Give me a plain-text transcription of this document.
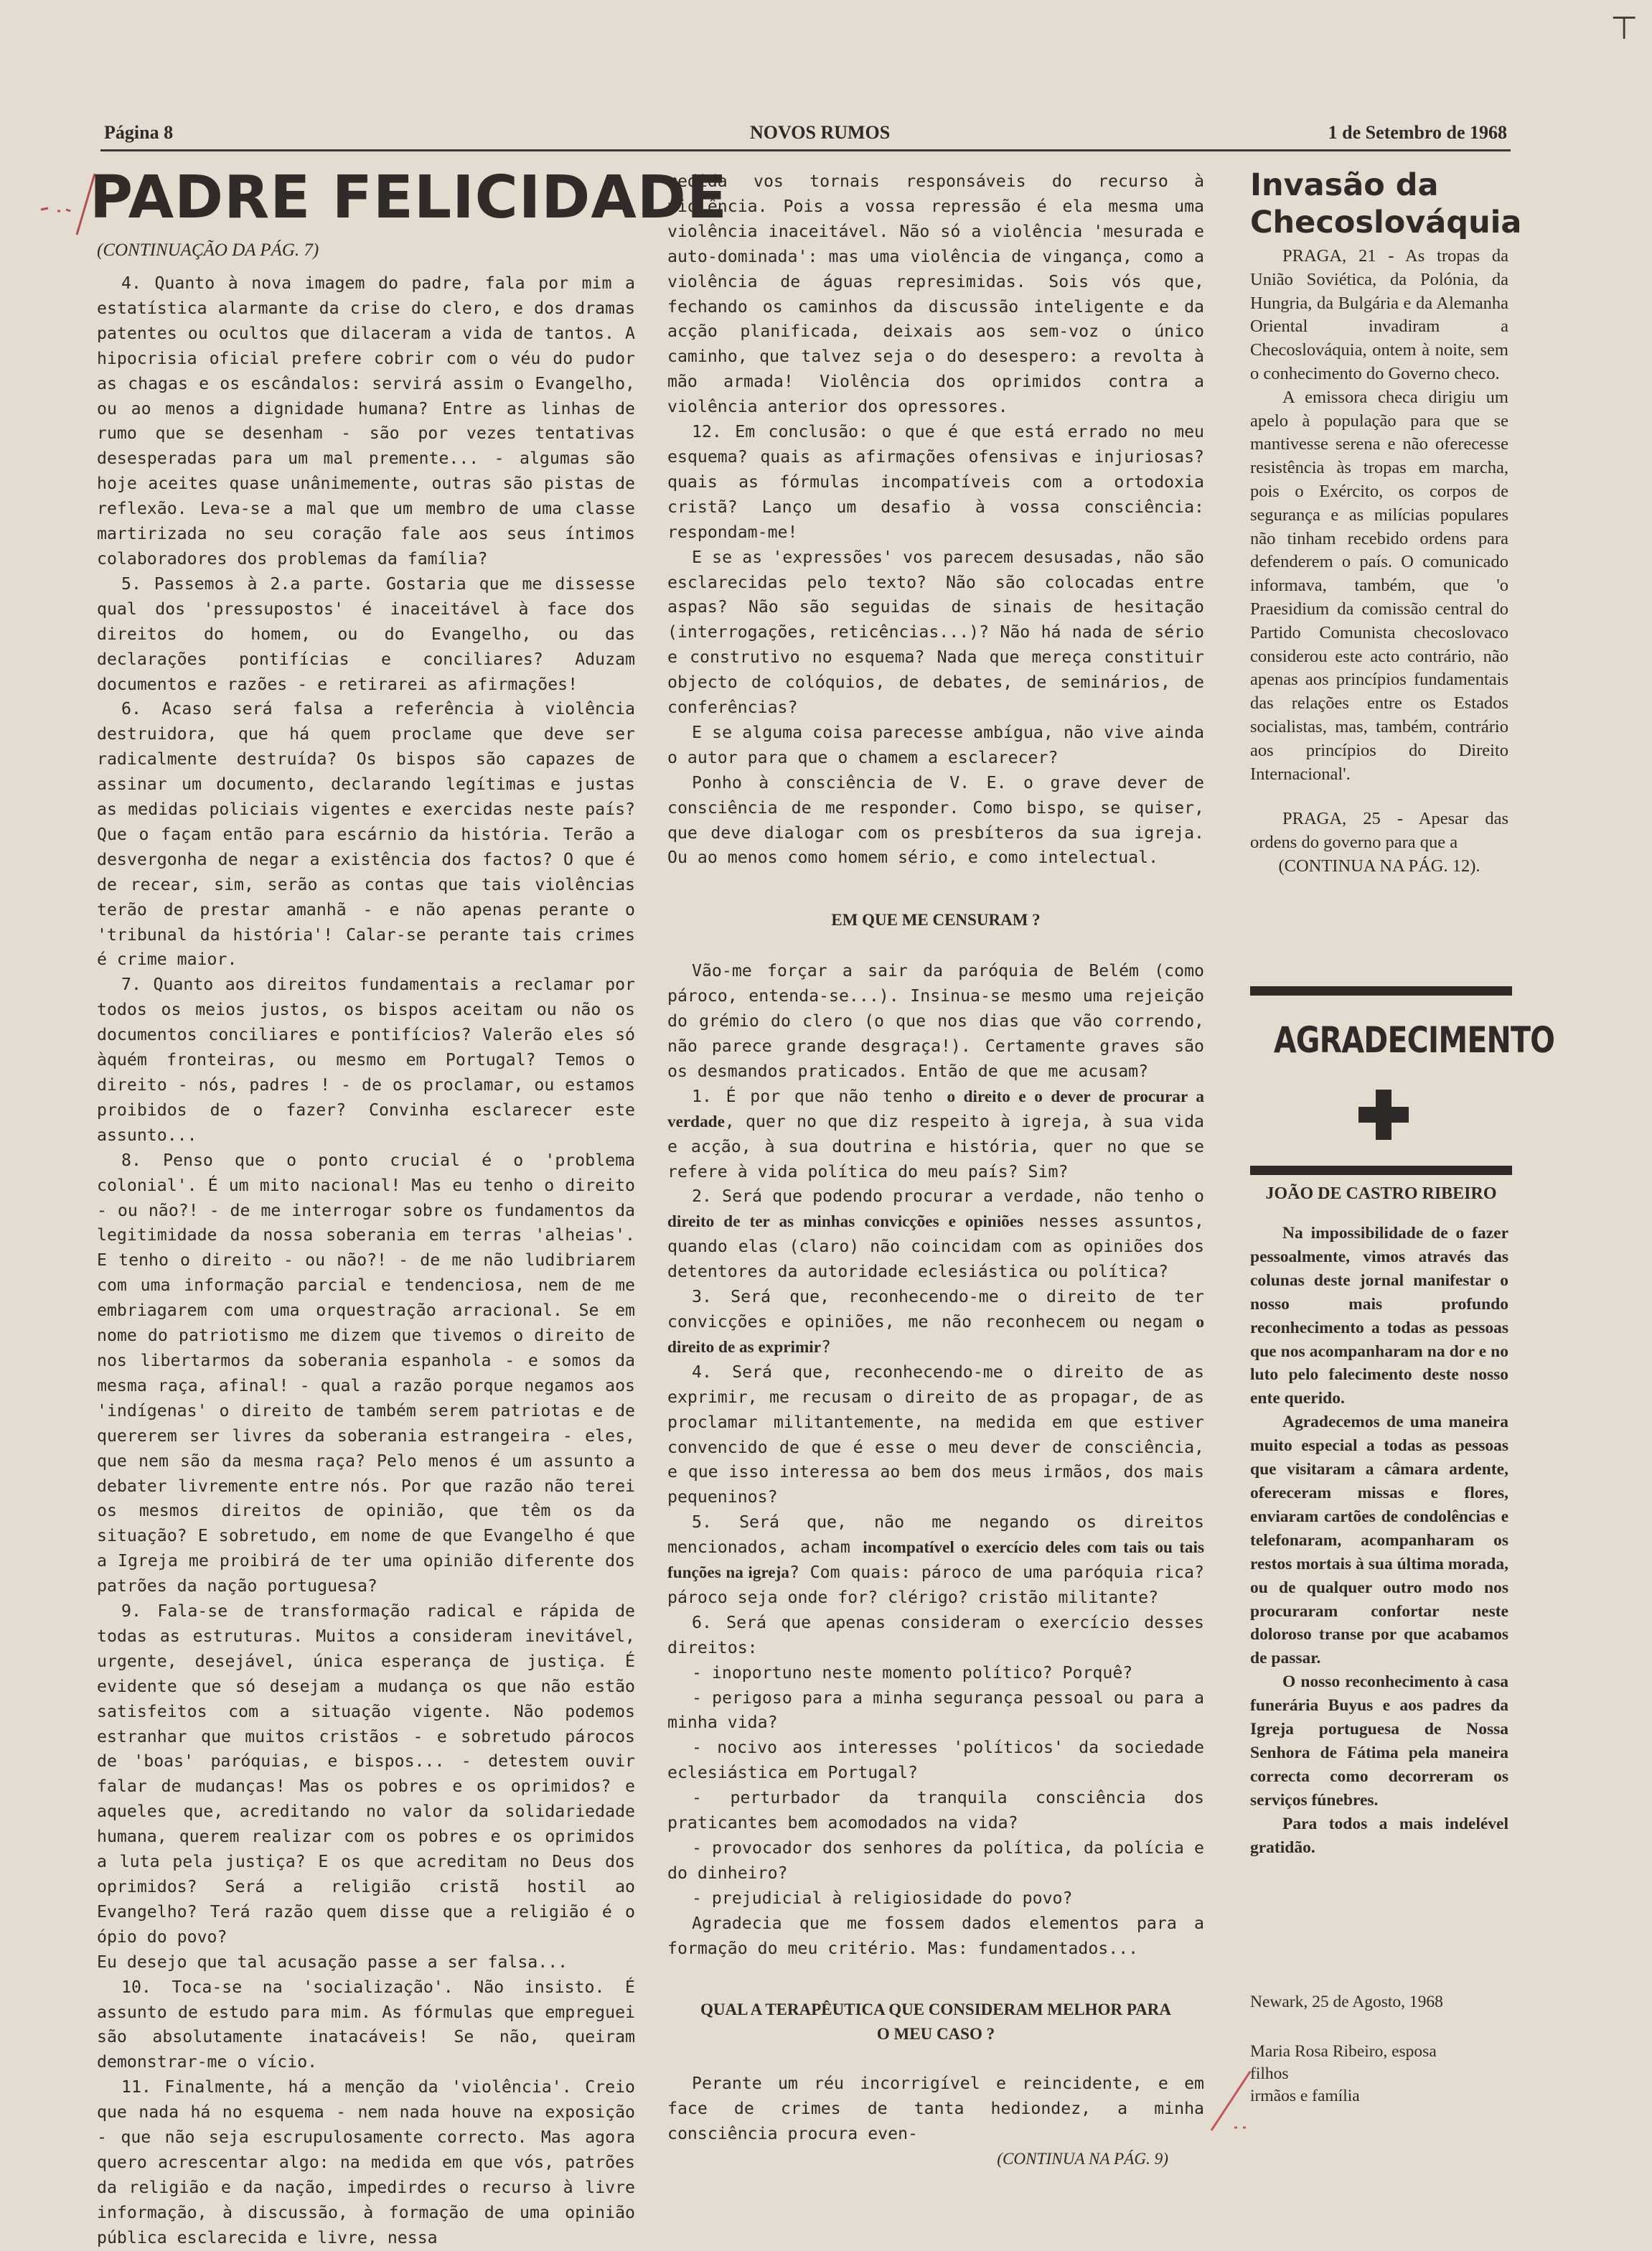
⊤
Página 8	NOVOS RUMOS	1 de Setembro de 1968
PADRE FELICIDADE
(CONTINUAÇÃO DA PÁG. 7)

4. Quanto à nova imagem do padre, fala por mim a estatística alarmante da crise do clero, e dos dramas patentes ou ocultos que dilaceram a vida de tantos. A hipocrisia oficial prefere cobrir com o véu do pudor as chagas e os escândalos: servirá assim o Evangelho, ou ao menos a dignidade humana? Entre as linhas de rumo que se desenham - são por vezes tentativas desesperadas para um mal premente... - algumas são hoje aceites quase unânimemente, outras são pistas de reflexão. Leva-se a mal que um membro de uma classe martirizada no seu coração fale aos seus íntimos colaboradores dos problemas da família?

5. Passemos à 2.a parte. Gostaria que me dissesse qual dos 'pressupostos' é inaceitável à face dos direitos do homem, ou do Evangelho, ou das declarações pontifícias e conciliares? Aduzam documentos e razões - e retirarei as afirmações!

6. Acaso será falsa a referência à violência destruidora, que há quem proclame que deve ser radicalmente destruída? Os bispos são capazes de assinar um documento, declarando legítimas e justas as medidas policiais vigentes e exercidas neste país? Que o façam então para escárnio da história. Terão a desvergonha de negar a existência dos factos? O que é de recear, sim, serão as contas que tais violências terão de prestar amanhã - e não apenas perante o 'tribunal da história'! Calar-se perante tais crimes é crime maior.

7. Quanto aos direitos fundamentais a reclamar por todos os meios justos, os bispos aceitam ou não os documentos conciliares e pontifícios? Valerão eles só àquém fronteiras, ou mesmo em Portugal? Temos o direito - nós, padres ! - de os proclamar, ou estamos proibidos de o fazer? Convinha esclarecer este assunto...

8. Penso que o ponto crucial é o 'problema colonial'. É um mito nacional! Mas eu tenho o direito - ou não?! - de me interrogar sobre os fundamentos da legitimidade da nossa soberania em terras 'alheias'. E tenho o direito - ou não?! - de me não ludibriarem com uma informação parcial e tendenciosa, nem de me embriagarem com uma orquestração arracional. Se em nome do patriotismo me dizem que tivemos o direito de nos libertarmos da soberania espanhola - e somos da mesma raça, afinal! - qual a razão porque negamos aos 'indígenas' o direito de também serem patriotas e de quererem ser livres da soberania estrangeira - eles, que nem são da mesma raça? Pelo menos é um assunto a debater livremente entre nós. Por que razão não terei os mesmos direitos de opinião, que têm os da situação? E sobretudo, em nome de que Evangelho é que a Igreja me proibirá de ter uma opinião diferente dos patrões da nação portuguesa?

9. Fala-se de transformação radical e rápida de todas as estruturas. Muitos a consideram inevitável, urgente, desejável, única esperança de justiça. É evidente que só desejam a mudança os que não estão satisfeitos com a situação vigente. Não podemos estranhar que muitos cristãos - e sobretudo párocos de 'boas' paróquias, e bispos... - detestem ouvir falar de mudanças! Mas os pobres e os oprimidos? e aqueles que, acreditando no valor da solidariedade humana, querem realizar com os pobres e os oprimidos a luta pela justiça? E os que acreditam no Deus dos oprimidos? Será a religião cristã hostil ao Evangelho? Terá razão quem disse que a religião é o ópio do povo?

Eu desejo que tal acusação passe a ser falsa...

10. Toca-se na 'socialização'. Não insisto. É assunto de estudo para mim. As fórmulas que empreguei são absolutamente inatacáveis! Se não, queiram demonstrar-me o vício.

11. Finalmente, há a menção da 'violência'. Creio que nada há no esquema - nem nada houve na exposição - que não seja escrupulosamente correcto. Mas agora quero acrescentar algo: na medida em que vós, patrões da religião e da nação, impedirdes o recurso à livre informação, à discussão, à formação de uma opinião pública esclarecida e livre, nessa

medida vos tornais responsáveis do recurso à violência. Pois a vossa repressão é ela mesma uma violência inaceitável. Não só a violência 'mesurada e auto-dominada': mas uma violência de vingança, como a violência de águas represimidas. Sois vós que, fechando os caminhos da discussão inteligente e da acção planificada, deixais aos sem-voz o único caminho, que talvez seja o do desespero: a revolta à mão armada! Violência dos oprimidos contra a violência anterior dos opressores.

12. Em conclusão: o que é que está errado no meu esquema? quais as afirmações ofensivas e injuriosas? quais as fórmulas incompatíveis com a ortodoxia cristã? Lanço um desafio à vossa consciência: respondam-me!

E se as 'expressões' vos parecem desusadas, não são esclarecidas pelo texto? Não são colocadas entre aspas? Não são seguidas de sinais de hesitação (interrogações, reticências...)? Não há nada de sério e construtivo no esquema? Nada que mereça constituir objecto de colóquios, de debates, de seminários, de conferências?

E se alguma coisa parecesse ambígua, não vive ainda o autor para que o chamem a esclarecer?

Ponho à consciência de V. E. o grave dever de consciência de me responder. Como bispo, se quiser, que deve dialogar com os presbíteros da sua igreja. Ou ao menos como homem sério, e como intelectual.

EM QUE ME CENSURAM ?

Vão-me forçar a sair da paróquia de Belém (como pároco, entenda-se...). Insinua-se mesmo uma rejeição do grémio do clero (o que nos dias que vão correndo, não parece grande desgraça!). Certamente graves são os desmandos praticados. Então de que me acusam?

1. É por que não tenho o direito e o dever de procurar a verdade, quer no que diz respeito à igreja, à sua vida e acção, à sua doutrina e história, quer no que se refere à vida política do meu país? Sim?

2. Será que podendo procurar a verdade, não tenho o direito de ter as minhas convicções e opiniões nesses assuntos, quando elas (claro) não coincidam com as opiniões dos detentores da autoridade eclesiástica ou política?

3. Será que, reconhecendo-me o direito de ter convicções e opiniões, me não reconhecem ou negam o direito de as exprimir?

4. Será que, reconhecendo-me o direito de as exprimir, me recusam o direito de as propagar, de as proclamar militantemente, na medida em que estiver convencido de que é esse o meu dever de consciência, e que isso interessa ao bem dos meus irmãos, dos mais pequeninos?

5. Será que, não me negando os direitos mencionados, acham incompatível o exercício deles com tais ou tais funções na igreja? Com quais: pároco de uma paróquia rica? pároco seja onde for? clérigo? cristão militante?

6. Será que apenas consideram o exercício desses direitos:

- inoportuno neste momento político? Porquê?

- perigoso para a minha segurança pessoal ou para a minha vida?

- nocivo aos interesses 'políticos' da sociedade eclesiástica em Portugal?

- perturbador da tranquila consciência dos praticantes bem acomodados na vida?

- provocador dos senhores da política, da polícia e do dinheiro?

- prejudicial à religiosidade do povo?

Agradecia que me fossem dados elementos para a formação do meu critério. Mas: fundamentados...

QUAL A TERAPÊUTICA QUE CONSIDERAM MELHOR PARA O MEU CASO ?

Perante um réu incorrigível e reincidente, e em face de crimes de tanta hediondez, a minha consciência procura even-

(CONTINUA NA PÁG. 9)

Invasão da Checoslováquia

PRAGA, 21 - As tropas da União Soviética, da Polónia, da Hungria, da Bulgária e da Alemanha Oriental invadiram a Checoslováquia, ontem à noite, sem o conhecimento do Governo checo.

A emissora checa dirigiu um apelo à população para que se mantivesse serena e não oferecesse resistência às tropas em marcha, pois o Exército, os corpos de segurança e as milícias populares não tinham recebido ordens para defenderem o país. O comunicado informava, também, que 'o Praesidium da comissão central do Partido Comunista checoslovaco considerou este acto contrário, não apenas aos princípios fundamentais das relações entre os Estados socialistas, mas, também, contrário aos princípios do Direito Internacional'.

PRAGA, 25 - Apesar das ordens do governo para que a

(CONTINUA NA PÁG. 12).

AGRADECIMENTO
JOÃO DE CASTRO RIBEIRO

Na impossibilidade de o fazer pessoalmente, vimos através das colunas deste jornal manifestar o nosso mais profundo reconhecimento a todas as pessoas que nos acompanharam na dor e no luto pelo falecimento deste nosso ente querido.

Agradecemos de uma maneira muito especial a todas as pessoas que visitaram a câmara ardente, ofereceram missas e flores, enviaram cartões de condolências e telefonaram, acompanharam os restos mortais à sua última morada, ou de qualquer outro modo nos procuraram confortar neste doloroso transe por que acabamos de passar.

O nosso reconhecimento à casa funerária Buyus e aos padres da Igreja portuguesa de Nossa Senhora de Fátima pela maneira correcta como decorreram os serviços fúnebres.

Para todos a mais indelével gratidão.

Newark, 25 de Agosto, 1968

Maria Rosa Ribeiro, esposa

filhos

irmãos e família
